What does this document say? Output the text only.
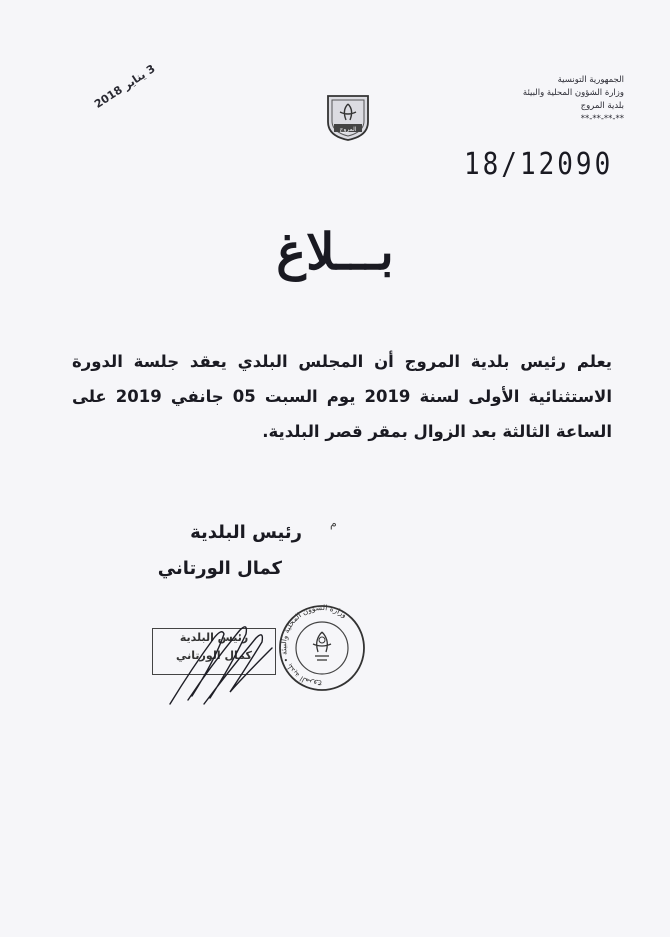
الجمهورية التونسية
وزارة الشؤون المحلية والبيئة
بلدية المروج
**-**-**-**
3 يناير 2018
المروج
18/12090
بـــلاغ
يعلم رئيس بلدية المروج أن المجلس البلدي يعقد جلسة الدورة الاستثنائية الأولى لسنة 2019 يوم السبت 05 جانفي 2019 على الساعة الثالثة بعد الزوال بمقر قصر البلدية.
م
رئيس البلدية
كمال الورتاني
رئيس البلدية
كمال الورتاني
وزارة الشؤون المحلية والبيئة • بلدية المروج
